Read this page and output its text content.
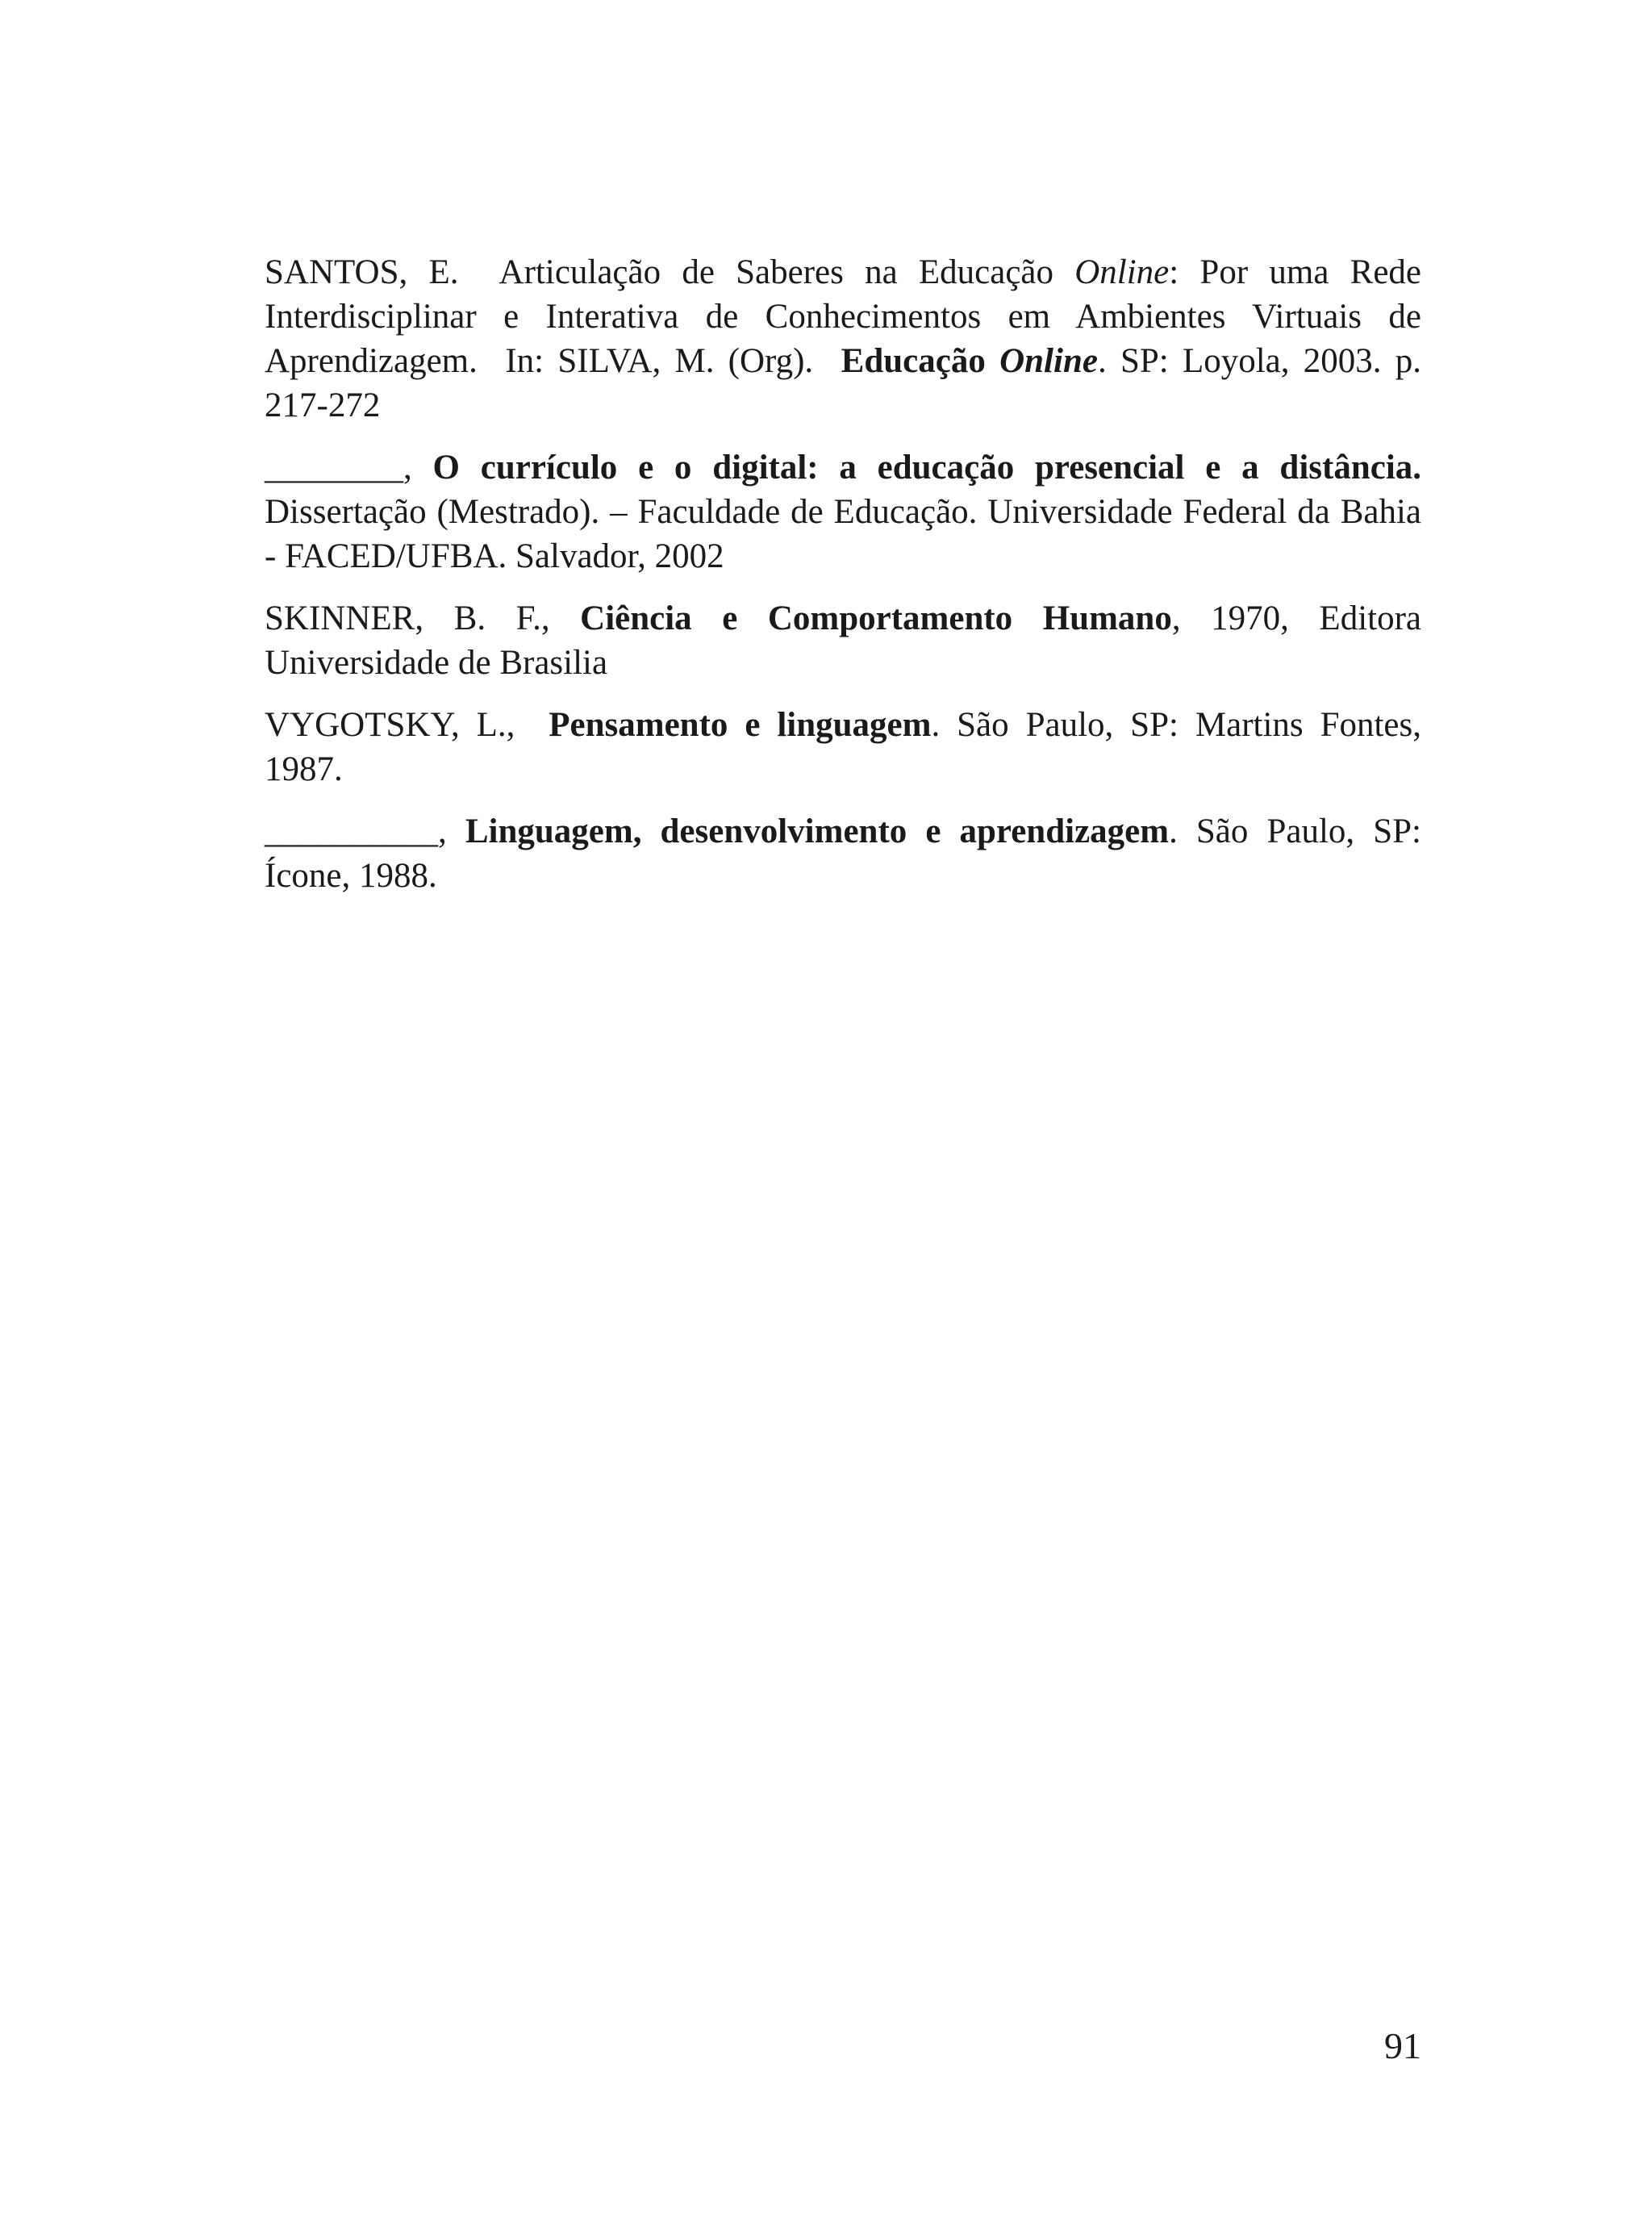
SANTOS, E. Articulação de Saberes na Educação Online: Por uma Rede Interdisciplinar e Interativa de Conhecimentos em Ambientes Virtuais de Aprendizagem. In: SILVA, M. (Org). Educação Online. SP: Loyola, 2003. p. 217-272

________, O currículo e o digital: a educação presencial e a distância. Dissertação (Mestrado). – Faculdade de Educação. Universidade Federal da Bahia - FACED/UFBA. Salvador, 2002

SKINNER, B. F., Ciência e Comportamento Humano, 1970, Editora Universidade de Brasilia

VYGOTSKY, L., Pensamento e linguagem. São Paulo, SP: Martins Fontes, 1987.

__________, Linguagem, desenvolvimento e aprendizagem. São Paulo, SP: Ícone, 1988.

91
